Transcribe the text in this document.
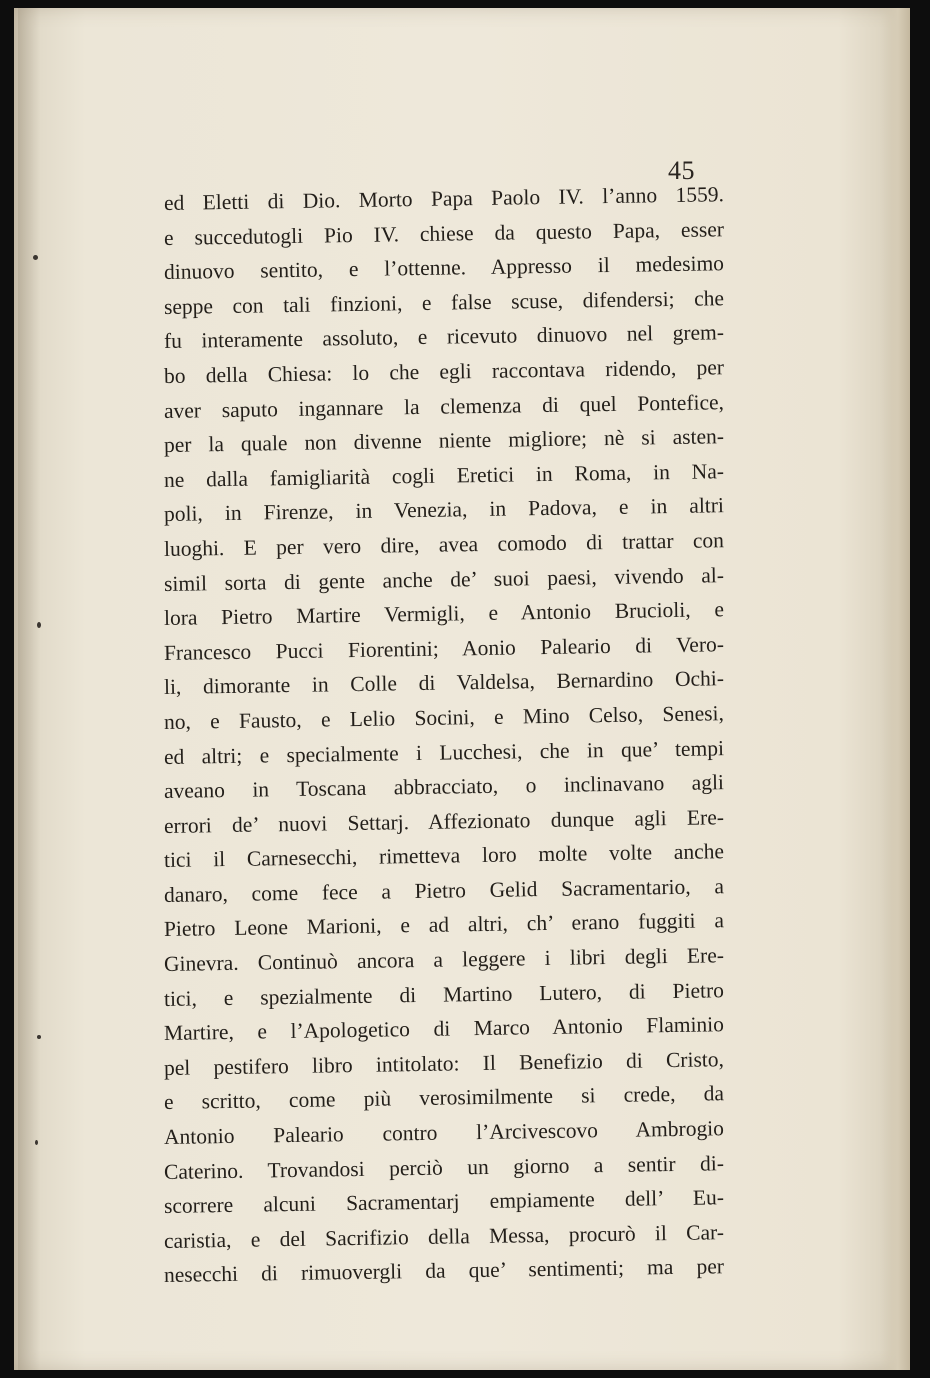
45
ed Eletti di Dio. Morto Papa Paolo IV. l’anno 1559.
e succedutogli Pio IV. chiese da questo Papa, esser
dinuovo sentito, e l’ottenne. Appresso il medesimo
seppe con tali finzioni, e false scuse, difendersi; che
fu interamente assoluto, e ricevuto dinuovo nel grem-
bo della Chiesa: lo che egli raccontava ridendo, per
aver saputo ingannare la clemenza di quel Pontefice,
per la quale non divenne niente migliore; nè si asten-
ne dalla famigliarità cogli Eretici in Roma, in Na-
poli, in Firenze, in Venezia, in Padova, e in altri
luoghi. E per vero dire, avea comodo di trattar con
simil sorta di gente anche de’ suoi paesi, vivendo al-
lora Pietro Martire Vermigli, e Antonio Brucioli, e
Francesco Pucci Fiorentini; Aonio Paleario di Vero-
li, dimorante in Colle di Valdelsa, Bernardino Ochi-
no, e Fausto, e Lelio Socini, e Mino Celso, Senesi,
ed altri; e specialmente i Lucchesi, che in que’ tempi
aveano in Toscana abbracciato, o inclinavano agli
errori de’ nuovi Settarj. Affezionato dunque agli Ere-
tici il Carnesecchi, rimetteva loro molte volte anche
danaro, come fece a Pietro Gelid Sacramentario, a
Pietro Leone Marioni, e ad altri, ch’ erano fuggiti a
Ginevra. Continuò ancora a leggere i libri degli Ere-
tici, e spezialmente di Martino Lutero, di Pietro
Martire, e l’Apologetico di Marco Antonio Flaminio
pel pestifero libro intitolato: Il Benefizio di Cristo,
e scritto, come più verosimilmente si crede, da
Antonio Paleario contro l’Arcivescovo Ambrogio
Caterino. Trovandosi perciò un giorno a sentir di-
scorrere alcuni Sacramentarj empiamente dell’ Eu-
caristia, e del Sacrifizio della Messa, procurò il Car-
nesecchi di rimuovergli da que’ sentimenti; ma per
